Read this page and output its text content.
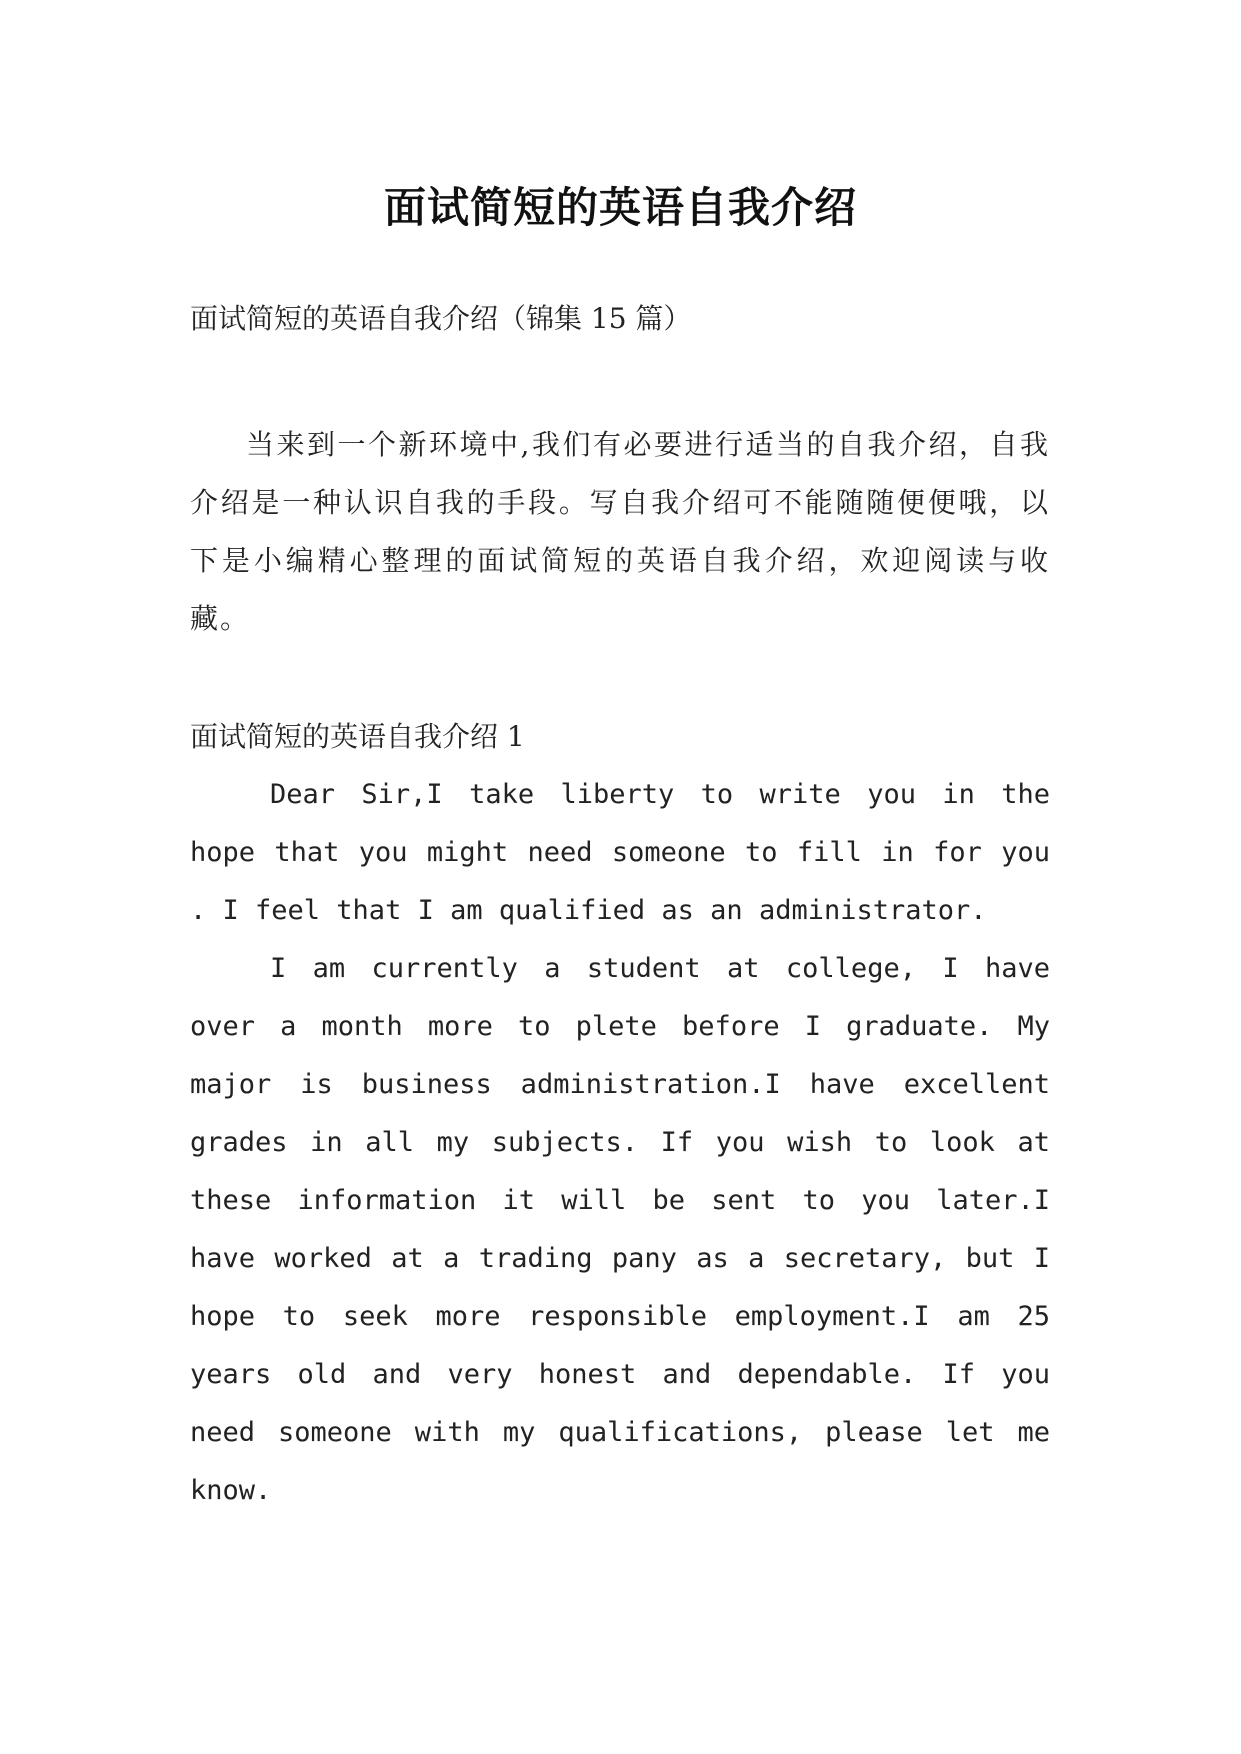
面试简短的英语自我介绍

面试简短的英语自我介绍（锦集 15 篇）

当来到一个新环境中,我们有必要进行适当的自我介绍，自我介绍是一种认识自我的手段。写自我介绍可不能随随便便哦，以下是小编精心整理的面试简短的英语自我介绍，欢迎阅读与收藏。

面试简短的英语自我介绍 1

Dear Sir,I take liberty to write you in the hope that you might need someone to fill in for you . I feel that I am qualified as an administrator.

I am currently a student at college, I have over a month more to plete before I graduate. My major is business administration.I have excellent grades in all my subjects. If you wish to look at these information it will be sent to you later.I have worked at a trading pany as a secretary, but I hope to seek more responsible employment.I am 25 years old and very honest and dependable. If you need someone with my qualifications, please let me know.
